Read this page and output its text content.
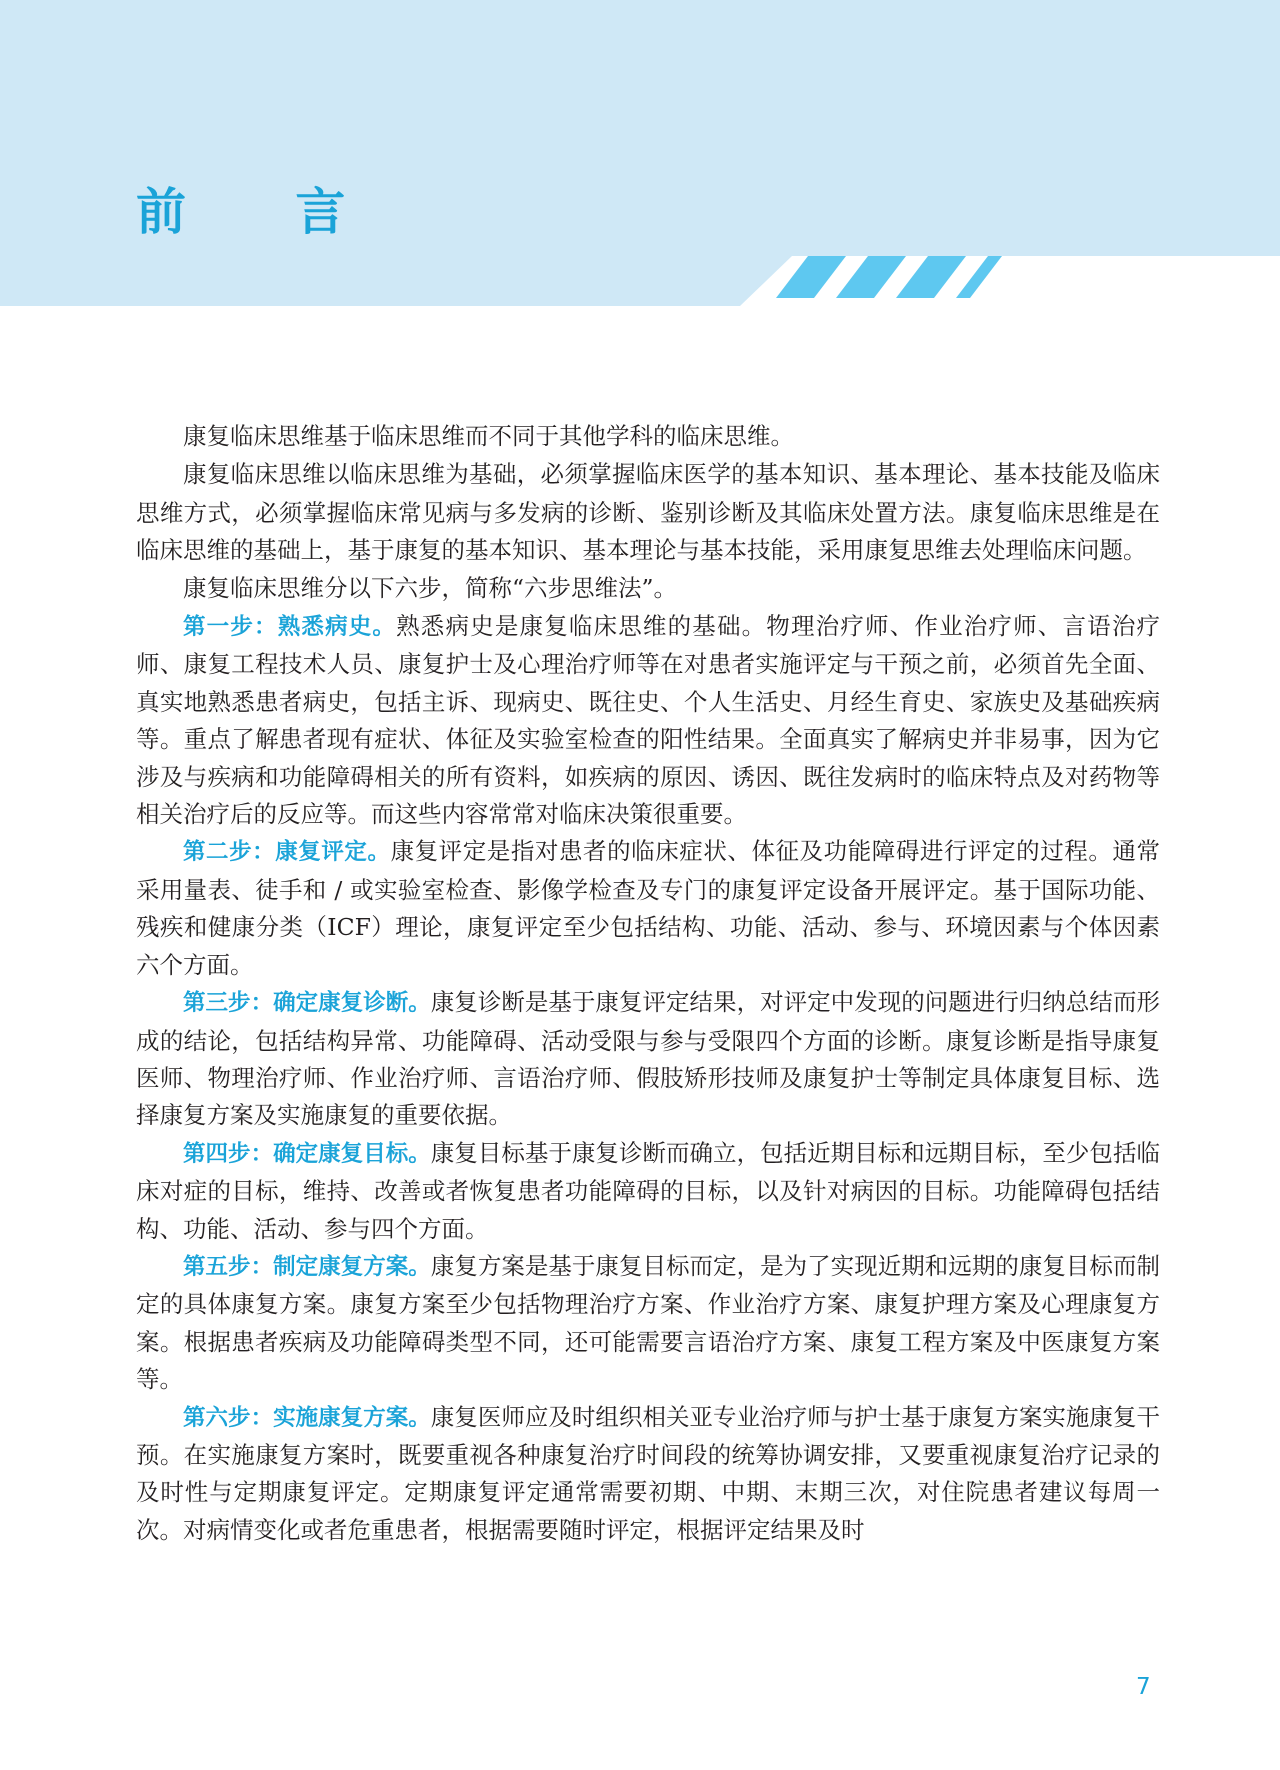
前 言

康复临床思维基于临床思维而不同于其他学科的临床思维。

康复临床思维以临床思维为基础，必须掌握临床医学的基本知识、基本理论、基本技能及临床思维方式，必须掌握临床常见病与多发病的诊断、鉴别诊断及其临床处置方法。康复临床思维是在临床思维的基础上，基于康复的基本知识、基本理论与基本技能，采用康复思维去处理临床问题。

康复临床思维分以下六步，简称“六步思维法”。

第一步：熟悉病史。熟悉病史是康复临床思维的基础。物理治疗师、作业治疗师、言语治疗师、康复工程技术人员、康复护士及心理治疗师等在对患者实施评定与干预之前，必须首先全面、真实地熟悉患者病史，包括主诉、现病史、既往史、个人生活史、月经生育史、家族史及基础疾病等。重点了解患者现有症状、体征及实验室检查的阳性结果。全面真实了解病史并非易事，因为它涉及与疾病和功能障碍相关的所有资料，如疾病的原因、诱因、既往发病时的临床特点及对药物等相关治疗后的反应等。而这些内容常常对临床决策很重要。

第二步：康复评定。康复评定是指对患者的临床症状、体征及功能障碍进行评定的过程。通常采用量表、徒手和 / 或实验室检查、影像学检查及专门的康复评定设备开展评定。基于国际功能、残疾和健康分类（ICF）理论，康复评定至少包括结构、功能、活动、参与、环境因素与个体因素六个方面。

第三步：确定康复诊断。康复诊断是基于康复评定结果，对评定中发现的问题进行归纳总结而形成的结论，包括结构异常、功能障碍、活动受限与参与受限四个方面的诊断。康复诊断是指导康复医师、物理治疗师、作业治疗师、言语治疗师、假肢矫形技师及康复护士等制定具体康复目标、选择康复方案及实施康复的重要依据。

第四步：确定康复目标。康复目标基于康复诊断而确立，包括近期目标和远期目标，至少包括临床对症的目标，维持、改善或者恢复患者功能障碍的目标，以及针对病因的目标。功能障碍包括结构、功能、活动、参与四个方面。

第五步：制定康复方案。康复方案是基于康复目标而定，是为了实现近期和远期的康复目标而制定的具体康复方案。康复方案至少包括物理治疗方案、作业治疗方案、康复护理方案及心理康复方案。根据患者疾病及功能障碍类型不同，还可能需要言语治疗方案、康复工程方案及中医康复方案等。

第六步：实施康复方案。康复医师应及时组织相关亚专业治疗师与护士基于康复方案实施康复干预。在实施康复方案时，既要重视各种康复治疗时间段的统筹协调安排，又要重视康复治疗记录的及时性与定期康复评定。定期康复评定通常需要初期、中期、末期三次，对住院患者建议每周一次。对病情变化或者危重患者，根据需要随时评定，根据评定结果及时

7
